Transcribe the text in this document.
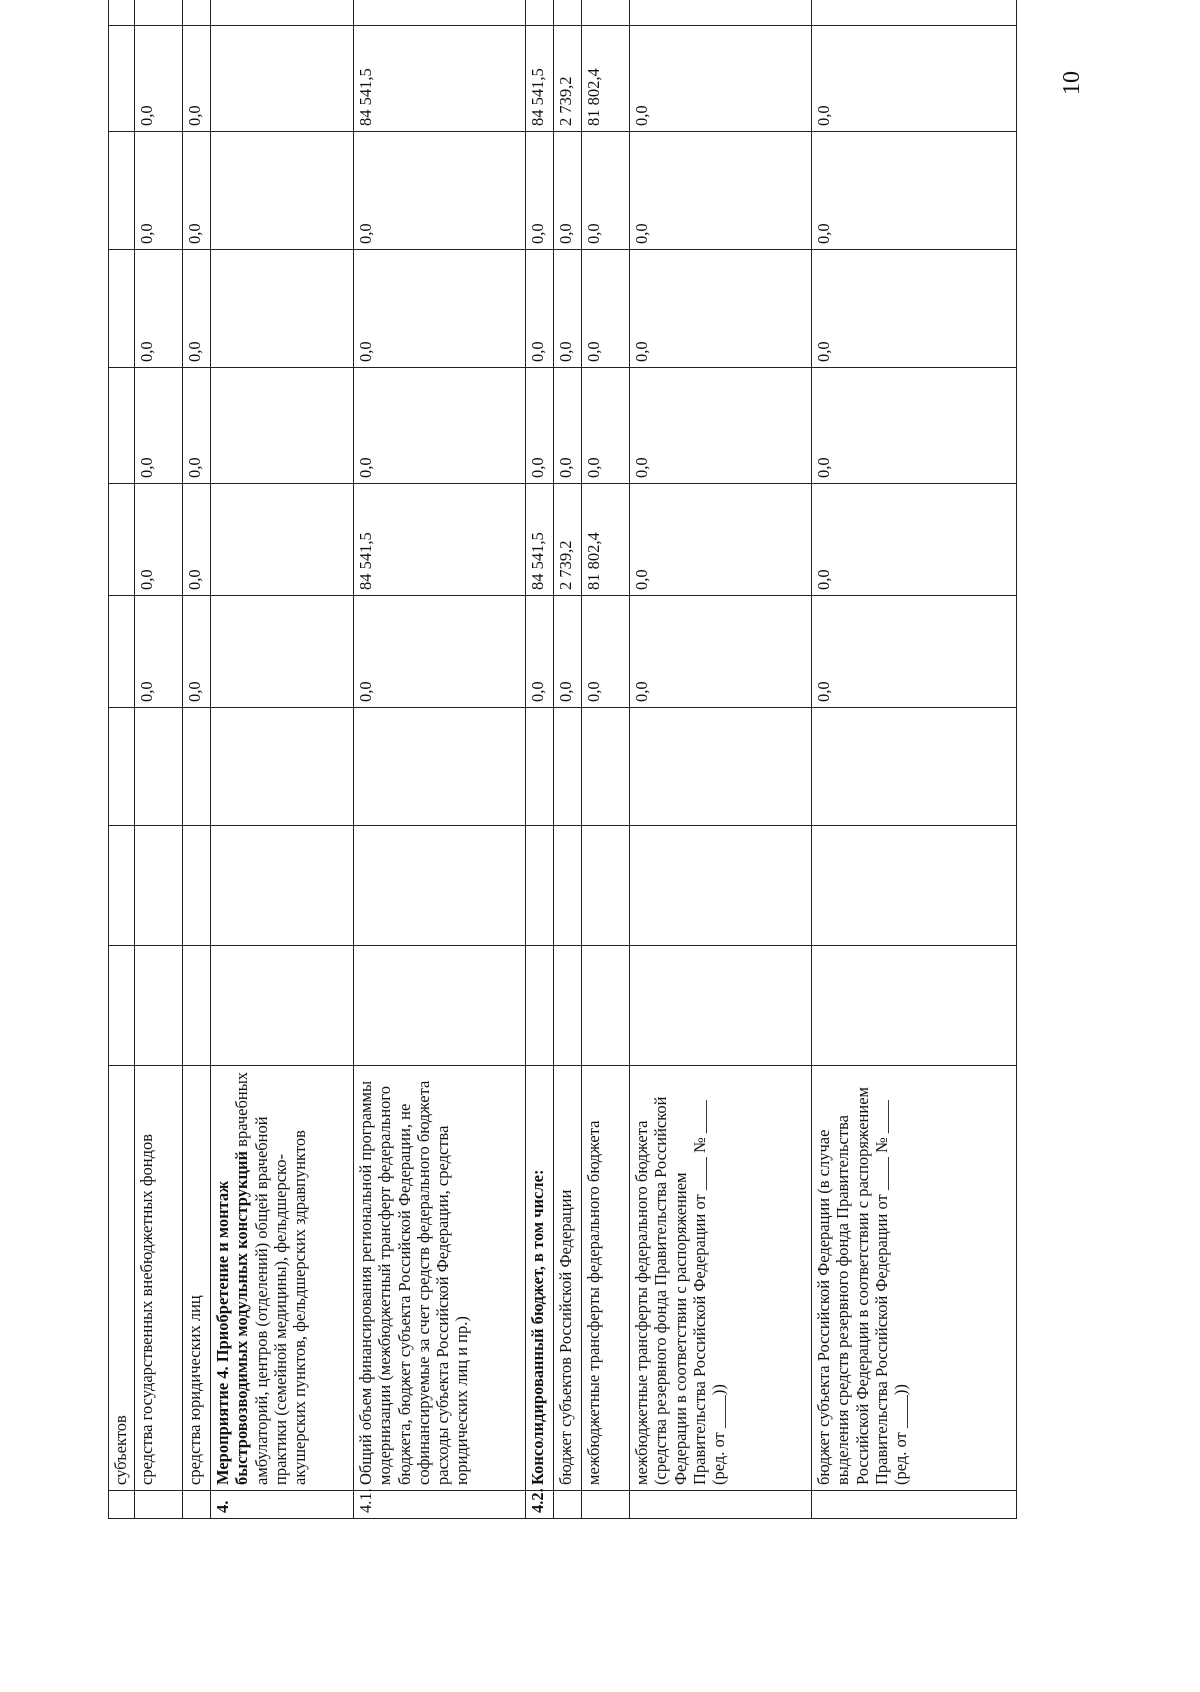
10
	субъектов										
	средства государственных внебюджетных фондов				0,0	0,0	0,0	0,0	0,0	0,0	
	средства юридических лиц				0,0	0,0	0,0	0,0	0,0	0,0	
4.	Мероприятие 4. Приобретение и монтаж быстровозводимых модульных конструкций врачебных амбулаторий, центров (отделений) общей врачебной практики (семейной медицины), фельдшерско-акушерских пунктов, фельдшерских здравпунктов										
4.1.	Общий объем финансирования региональной программы модернизации (межбюджетный трансферт федерального бюджета, бюджет субъекта Российской Федерации, не софинансируемые за счет средств федерального бюджета расходы субъекта Российской Федерации, средства юридических лиц и пр.)				0,0	84 541,5	0,0	0,0	0,0	84 541,5	
4.2.	Консолидированный бюджет, в том числе:				0,0	84 541,5	0,0	0,0	0,0	84 541,5	
	бюджет субъектов Российской Федерации				0,0	2 739,2	0,0	0,0	0,0	2 739,2	
	межбюджетные трансферты федерального бюджета				0,0	81 802,4	0,0	0,0	0,0	81 802,4	
	межбюджетные трансферты федерального бюджета (средства резервного фонда Правительства Российской Федерации в соответствии с распоряжением Правительства Российской Федерации от ____ № ____ (ред. от ____))				0,0	0,0	0,0	0,0	0,0	0,0	
	бюджет субъекта Российской Федерации (в случае выделения средств резервного фонда Правительства Российской Федерации в соответствии с распоряжением Правительства Российской Федерации от ____ № ____ (ред. от ____))				0,0	0,0	0,0	0,0	0,0	0,0	
